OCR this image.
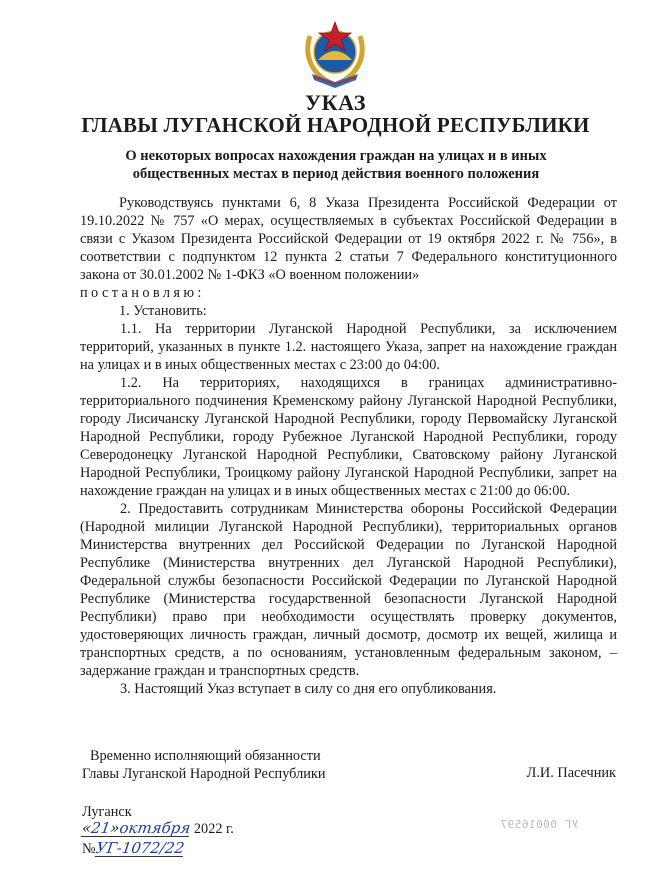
УКАЗ
ГЛАВЫ ЛУГАНСКОЙ НАРОДНОЙ РЕСПУБЛИКИ
О некоторых вопросах нахождения граждан на улицах и в иных
общественных местах в период действия военного положения

Руководствуясь пунктами 6, 8 Указа Президента Российской Федерации от 19.10.2022 № 757 «О мерах, осуществляемых в субъектах Российской Федерации в связи с Указом Президента Российской Федерации от 19 октября 2022 г. № 756», в соответствии с подпунктом 12 пункта 2 статьи 7 Федерального конституционного закона от 30.01.2002 № 1-ФКЗ «О военном положении»

постановляю:

1. Установить:

1.1. На территории Луганской Народной Республики, за исключением территорий, указанных в пункте 1.2. настоящего Указа, запрет на нахождение граждан на улицах и в иных общественных местах с 23:00 до 04:00.

1.2. На территориях, находящихся в границах административно-территориального подчинения Кременскому району Луганской Народной Республики, городу Лисичанску Луганской Народной Республики, городу Первомайску Луганской Народной Республики, городу Рубежное Луганской Народной Республики, городу Северодонецку Луганской Народной Республики, Сватовскому району Луганской Народной Республики, Троицкому району Луганской Народной Республики, запрет на нахождение граждан на улицах и в иных общественных местах с 21:00 до 06:00.

2. Предоставить сотрудникам Министерства обороны Российской Федерации (Народной милиции Луганской Народной Республики), территориальных органов Министерства внутренних дел Российской Федерации по Луганской Народной Республике (Министерства внутренних дел Луганской Народной Республики), Федеральной службы безопасности Российской Федерации по Луганской Народной Республике (Министерства государственной безопасности Луганской Народной Республики) право при необходимости осуществлять проверку документов, удостоверяющих личность граждан, личный досмотр, досмотр их вещей, жилища и транспортных средств, а по основаниям, установленным федеральным законом, – задержание граждан и транспортных средств.

3. Настоящий Указ вступает в силу со дня его опубликования.

Временно исполняющий обязанности
Главы Луганской Народной Республики	Л.И. Пасечник
Луганск
«21»октября 2022 г.
№УГ-1072/22
УГ 00016597
